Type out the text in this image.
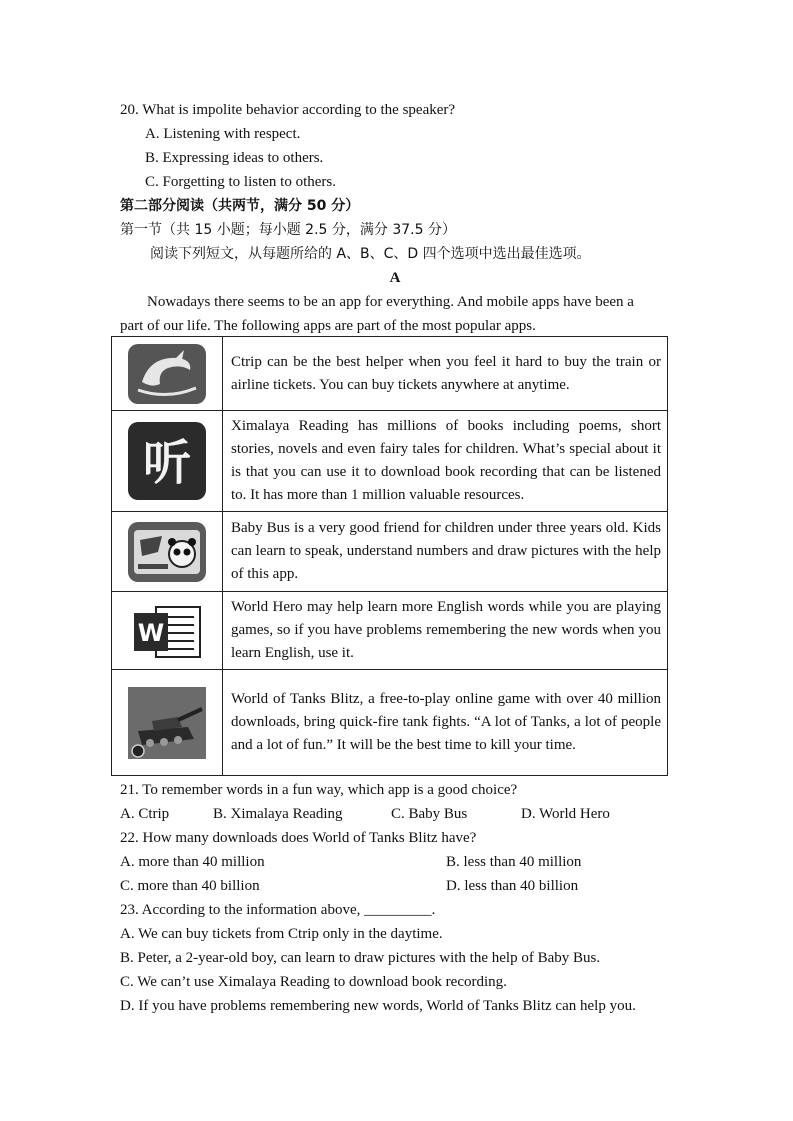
20. What is impolite behavior according to the speaker?
A. Listening with respect.
B. Expressing ideas to others.
C. Forgetting to listen to others.
第二部分阅读（共两节，满分 50 分）
第一节（共 15 小题；每小题 2.5 分，满分 37.5 分）
阅读下列短文，从每题所给的 A、B、C、D 四个选项中选出最佳选项。
A
Nowadays there seems to be an app for everything. And mobile apps have been a
part of our life. The following apps are part of the most popular apps.
	Ctrip can be the best helper when you feel it hard to buy the train or airline tickets. You can buy tickets anywhere at anytime.

听	Ximalaya Reading has millions of books including poems, short stories, novels and even fairy tales for children. What’s special about it is that you can use it to download book recording that can be listened to. It has more than 1 million valuable resources.

	Baby Bus is a very good friend for children under three years old. Kids can learn to speak, understand numbers and draw pictures with the help of this app.

W	World Hero may help learn more English words while you are playing games, so if you have problems remembering the new words when you learn English, use it.

	World of Tanks Blitz, a free-to-play online game with over 40 million downloads, bring quick-fire tank fights. “A lot of Tanks, a lot of people and a lot of fun.” It will be the best time to kill your time.
21. To remember words in a fun way, which app is a good choice?
A. Ctrip	B. Ximalaya Reading	C. Baby Bus	D. World Hero
22. How many downloads does World of Tanks Blitz have?
A. more than 40 million	B. less than 40 million
C. more than 40 billion	D. less than 40 billion
23. According to the information above, _________.
A. We can buy tickets from Ctrip only in the daytime.
B. Peter, a 2-year-old boy, can learn to draw pictures with the help of Baby Bus.
C. We can’t use Ximalaya Reading to download book recording.
D. If you have problems remembering new words, World of Tanks Blitz can help you.
